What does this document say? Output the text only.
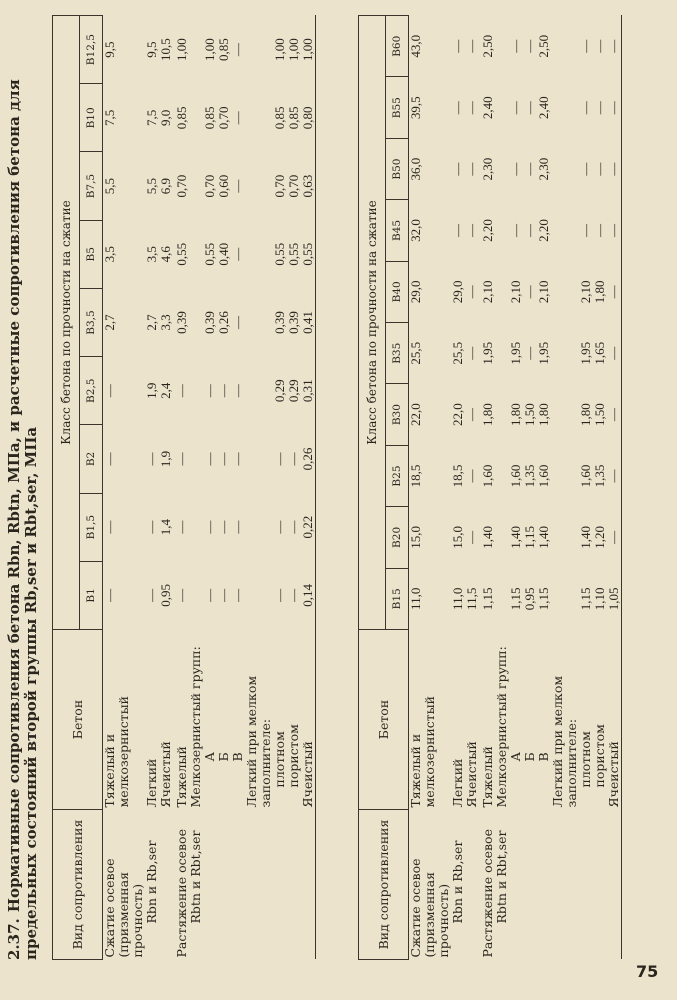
2.37.Нормативные сопротивления бетона Rbn, Rbtn, МПа, и расчетные сопротивления бетона для предельных состояний второй группы Rb,ser и Rbt,ser, МПа Вид сопротивления	Бетон	Класс бетона по прочности на сжатие								
		B1	B1,5	B2	B2,5	B3,5	B5	B7,5	B10	B12,5
Сжатие осевое (призменная прочность)	Тяжелый и мелкозернистый	—	—	—	—	2,7	3,5	5,5	7,5	9,5

Rbn и Rb,ser	Легкий	—	—	—	1,9	2,7	3,5	5,5	7,5	9,5
	Ячеистый	0,95	1,4	1,9	2,4	3,3	4,6	6,9	9,0	10,5
Растяжение осевое	Тяжелый	—	—	—	—	0,39	0,55	0,70	0,85	1,00

Rbtn и Rbt,ser	Мелкозернистый групп:									
	А	—	—	—	—	0,39	0,55	0,70	0,85	1,00
	Б	—	—	—	—	0,26	0,40	0,60	0,70	0,85
	В	—	—	—	—	—	—	—	—	—
	Легкий при мелком заполнителе:									
	плотном	—	—	—	0,29	0,39	0,55	0,70	0,85	1,00
	пористом	—	—	—	0,29	0,39	0,55	0,70	0,85	1,00
	Ячеистый	0,14	0,22	0,26	0,31	0,41	0,55	0,63	0,80	1,00
Вид сопротивления	Бетон	Класс бетона по прочности на сжатие									
		B15	B20	B25	B30	B35	B40	B45	B50	B55	B60
Сжатие осевое (призменная прочность)	Тяжелый и мелкозернистый	11,0	15,0	18,5	22,0	25,5	29,0	32,0	36,0	39,5	43,0

Rbn и Rb,ser	Легкий	11,0	15,0	18,5	22,0	25,5	29,0	—	—	—	—
	Ячеистый	11,5	—	—	—	—	—	—	—	—	—
Растяжение осевое	Тяжелый	1,15	1,40	1,60	1,80	1,95	2,10	2,20	2,30	2,40	2,50

Rbtn и Rbt,ser	Мелкозернистый групп:										
	А	1,15	1,40	1,60	1,80	1,95	2,10	—	—	—	—
	Б	0,95	1,15	1,35	1,50	—	—	—	—	—	—
	В	1,15	1,40	1,60	1,80	1,95	2,10	2,20	2,30	2,40	2,50
	Легкий при мелком заполнителе:										
	плотном	1,15	1,40	1,60	1,80	1,95	2,10	—	—	—	—
	пористом	1,10	1,20	1,35	1,50	1,65	1,80	—	—	—	—
	Ячеистый	1,05	—	—	—	—	—	—	—	—	—
75
